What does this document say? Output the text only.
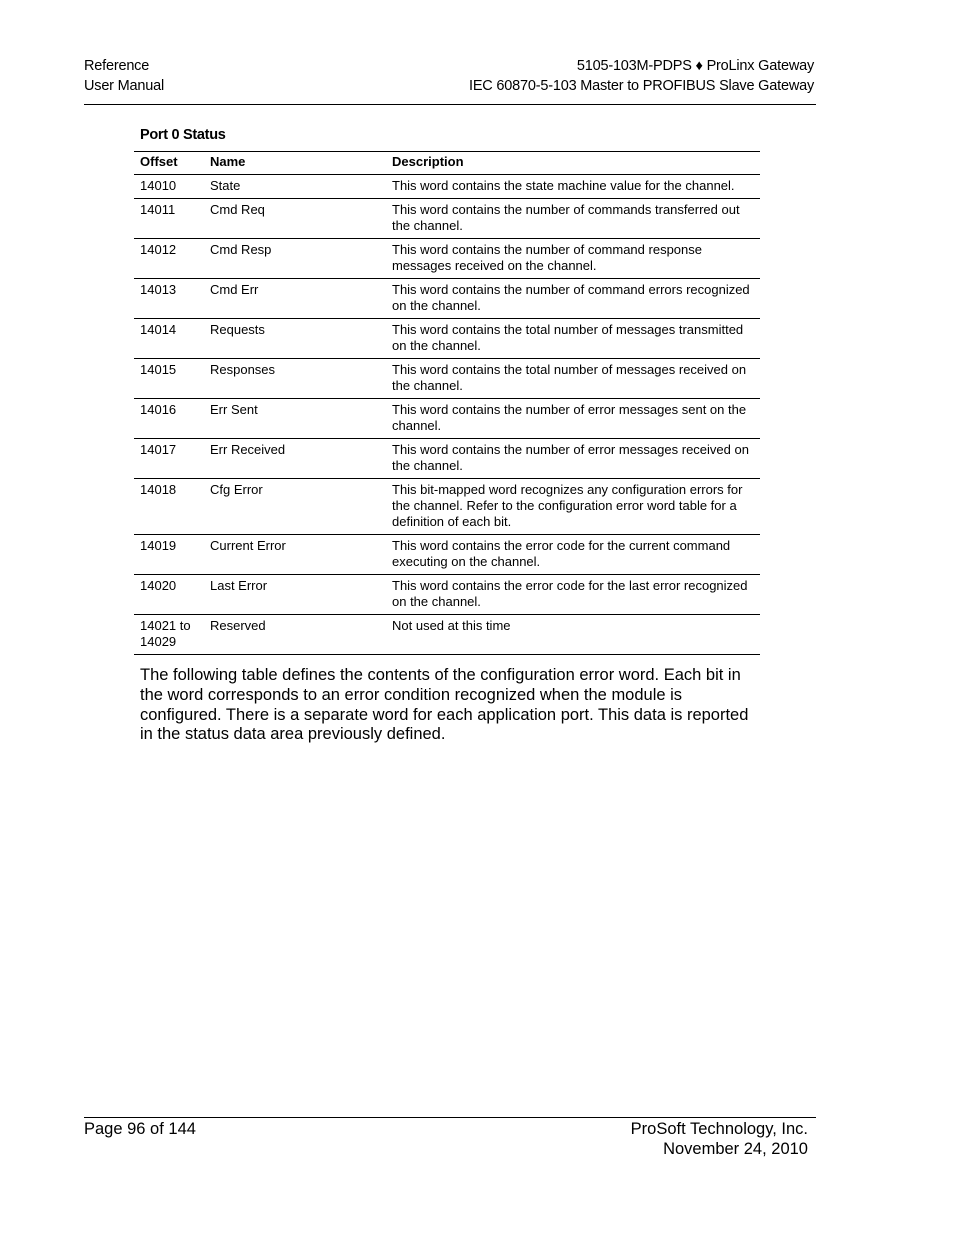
Reference
User Manual
5105-103M-PDPS ♦ ProLinx Gateway
IEC 60870-5-103 Master to PROFIBUS Slave Gateway
Port 0 Status
Offset	Name	Description
14010	State	This word contains the state machine value for the channel.
14011	Cmd Req	This word contains the number of commands transferred out the channel.
14012	Cmd Resp	This word contains the number of command response messages received on the channel.
14013	Cmd Err	This word contains the number of command errors recognized on the channel.
14014	Requests	This word contains the total number of messages transmitted on the channel.
14015	Responses	This word contains the total number of messages received on the channel.
14016	Err Sent	This word contains the number of error messages sent on the channel.
14017	Err Received	This word contains the number of error messages received on the channel.
14018	Cfg Error	This bit-mapped word recognizes any configuration errors for the channel. Refer to the configuration error word table for a definition of each bit.
14019	Current Error	This word contains the error code for the current command executing on the channel.
14020	Last Error	This word contains the error code for the last error recognized on the channel.
14021 to 14029	Reserved	Not used at this time
The following table defines the contents of the configuration error word. Each bit in the word corresponds to an error condition recognized when the module is configured. There is a separate word for each application port. This data is reported in the status data area previously defined.
Page 96 of 144	ProSoft Technology, Inc.
November 24, 2010
